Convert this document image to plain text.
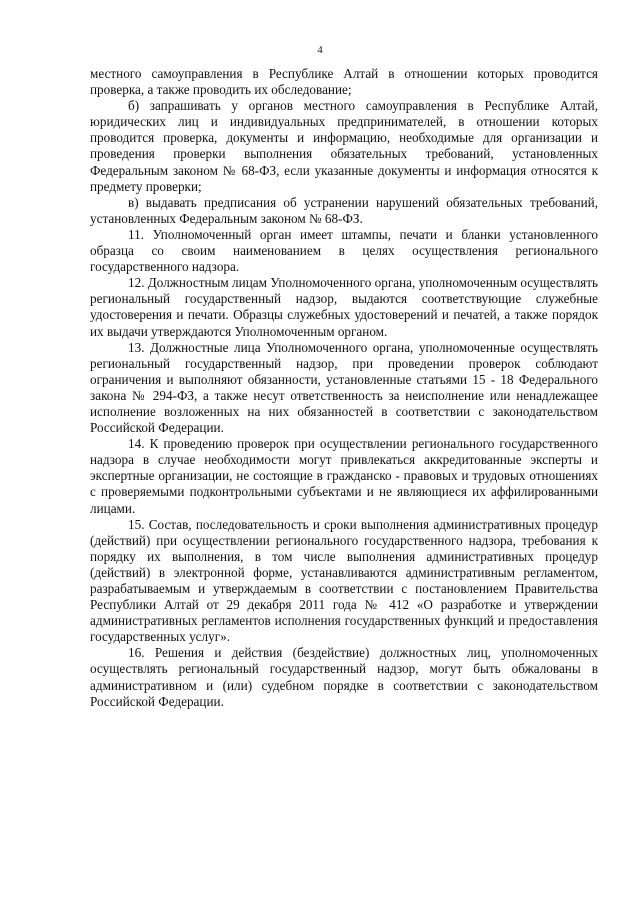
4

местного самоуправления в Республике Алтай в отношении которых проводится проверка, а также проводить их обследование;

б) запрашивать у органов местного самоуправления в Республике Алтай, юридических лиц и индивидуальных предпринимателей, в отношении которых проводится проверка, документы и информацию, необходимые для организации и проведения проверки выполнения обязательных требований, установленных Федеральным законом № 68-ФЗ, если указанные документы и информация относятся к предмету проверки;

в) выдавать предписания об устранении нарушений обязательных требований, установленных Федеральным законом № 68-ФЗ.

11. Уполномоченный орган имеет штампы, печати и бланки установленного образца со своим наименованием в целях осуществления регионального государственного надзора.

12. Должностным лицам Уполномоченного органа, уполномоченным осуществлять региональный государственный надзор, выдаются соответствующие служебные удостоверения и печати. Образцы служебных удостоверений и печатей, а также порядок их выдачи утверждаются Уполномоченным органом.

13. Должностные лица Уполномоченного органа, уполномоченные осуществлять региональный государственный надзор, при проведении проверок соблюдают ограничения и выполняют обязанности, установленные статьями 15 - 18 Федерального закона № 294-ФЗ, а также несут ответственность за неисполнение или ненадлежащее исполнение возложенных на них обязанностей в соответствии с законодательством Российской Федерации.

14. К проведению проверок при осуществлении регионального государственного надзора в случае необходимости могут привлекаться аккредитованные эксперты и экспертные организации, не состоящие в гражданско - правовых и трудовых отношениях с проверяемыми подконтрольными субъектами и не являющиеся их аффилированными лицами.

15. Состав, последовательность и сроки выполнения административных процедур (действий) при осуществлении регионального государственного надзора, требования к порядку их выполнения, в том числе выполнения административных процедур (действий) в электронной форме, устанавливаются административным регламентом, разрабатываемым и утверждаемым в соответствии с постановлением Правительства Республики Алтай от 29 декабря 2011 года № 412 «О разработке и утверждении административных регламентов исполнения государственных функций и предоставления государственных услуг».

16. Решения и действия (бездействие) должностных лиц, уполномоченных осуществлять региональный государственный надзор, могут быть обжалованы в административном и (или) судебном порядке в соответствии с законодательством Российской Федерации.
